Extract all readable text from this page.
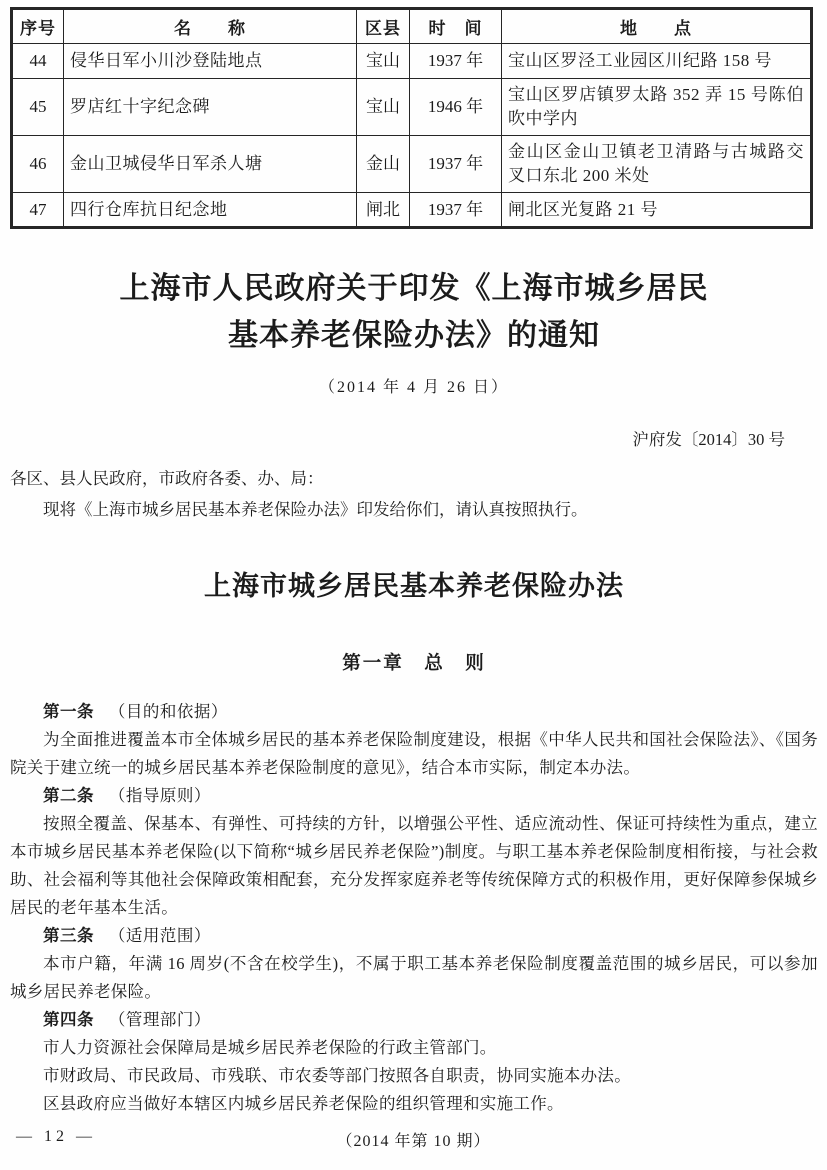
序号	名　　称	区县	时　间	地　　点
44	侵华日军小川沙登陆地点	宝山	1937 年	宝山区罗泾工业园区川纪路 158 号
45	罗店红十字纪念碑	宝山	1946 年	宝山区罗店镇罗太路 352 弄 15 号陈伯吹中学内
46	金山卫城侵华日军杀人塘	金山	1937 年	金山区金山卫镇老卫清路与古城路交叉口东北 200 米处
47	四行仓库抗日纪念地	闸北	1937 年	闸北区光复路 21 号
上海市人民政府关于印发《上海市城乡居民
基本养老保险办法》的通知
（2014 年 4 月 26 日）
沪府发〔2014〕30 号

各区、县人民政府，市政府各委、办、局：

现将《上海市城乡居民基本养老保险办法》印发给你们，请认真按照执行。

上海市城乡居民基本养老保险办法
第一章　总　则

第一条 （目的和依据）

为全面推进覆盖本市全体城乡居民的基本养老保险制度建设，根据《中华人民共和国社会保险法》、《国务院关于建立统一的城乡居民基本养老保险制度的意见》，结合本市实际，制定本办法。

第二条 （指导原则）

按照全覆盖、保基本、有弹性、可持续的方针，以增强公平性、适应流动性、保证可持续性为重点，建立本市城乡居民基本养老保险(以下简称“城乡居民养老保险”)制度。与职工基本养老保险制度相衔接，与社会救助、社会福利等其他社会保障政策相配套，充分发挥家庭养老等传统保障方式的积极作用，更好保障参保城乡居民的老年基本生活。

第三条 （适用范围）

本市户籍，年满 16 周岁(不含在校学生)，不属于职工基本养老保险制度覆盖范围的城乡居民，可以参加城乡居民养老保险。

第四条 （管理部门）

市人力资源社会保障局是城乡居民养老保险的行政主管部门。

市财政局、市民政局、市残联、市农委等部门按照各自职责，协同实施本办法。

区县政府应当做好本辖区内城乡居民养老保险的组织管理和实施工作。

— 12 —	（2014 年第 10 期）
